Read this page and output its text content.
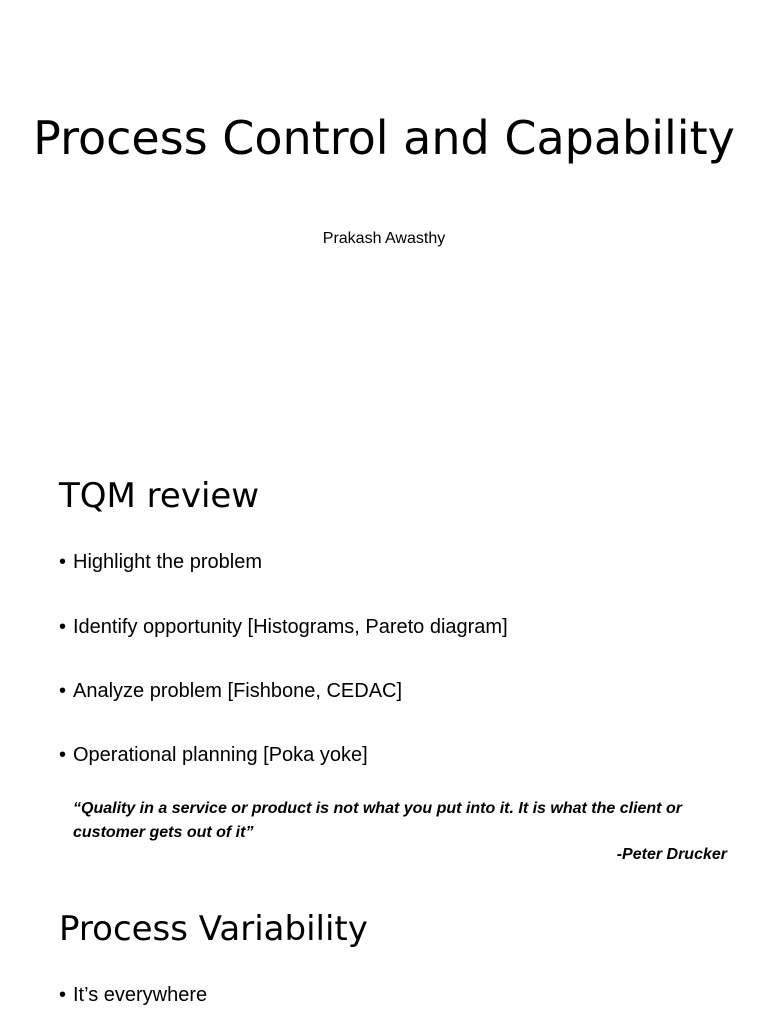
Process Control and Capability

Prakash Awasthy

TQM review
• Highlight the problem
• Identify opportunity [Histograms, Pareto diagram]
• Analyze problem [Fishbone, CEDAC]
• Operational planning [Poka yoke]
“Quality in a service or product is not what you put into it. It is what the client or customer gets out of it”
-Peter Drucker
Process Variability
• It’s everywhere
